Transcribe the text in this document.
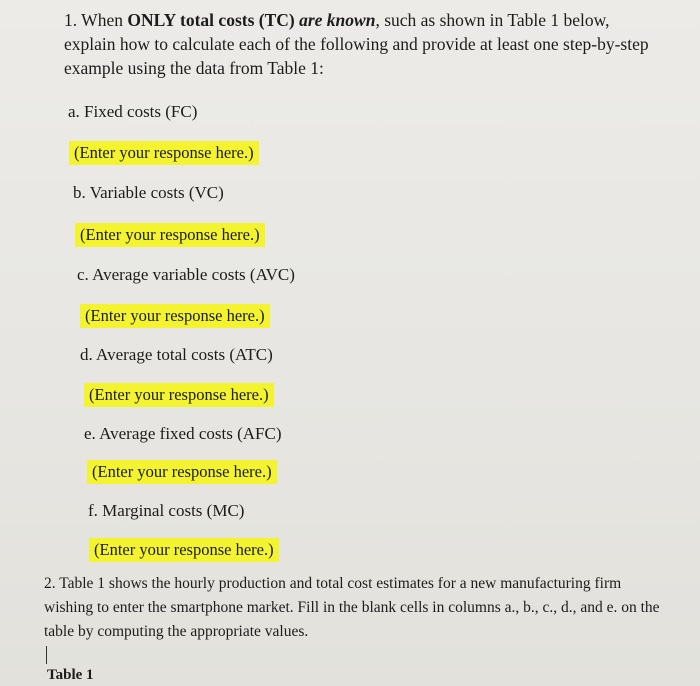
1. When ONLY total costs (TC) are known, such as shown in Table 1 below, explain how to calculate each of the following and provide at least one step-by-step example using the data from Table 1:
a. Fixed costs (FC)
(Enter your response here.)
b. Variable costs (VC)
(Enter your response here.)
c. Average variable costs (AVC)
(Enter your response here.)
d. Average total costs (ATC)
(Enter your response here.)
e. Average fixed costs (AFC)
(Enter your response here.)
f. Marginal costs (MC)
(Enter your response here.)
2. Table 1 shows the hourly production and total cost estimates for a new manufacturing firm wishing to enter the smartphone market. Fill in the blank cells in columns a., b., c., d., and e. on the table by computing the appropriate values.
Table 1
